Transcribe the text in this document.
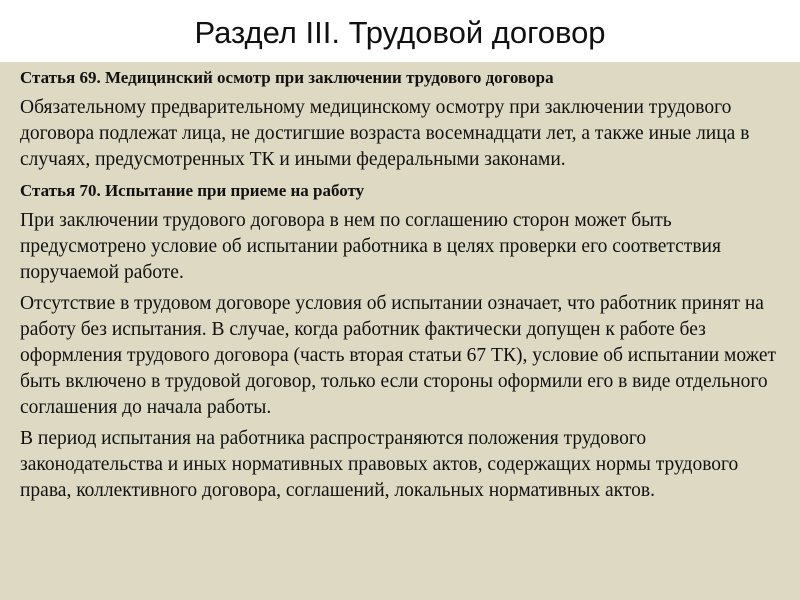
Раздел III. Трудовой договор
Статья 69. Медицинский осмотр при заключении трудового договора

Обязательному предварительному медицинскому осмотру при заключении трудового договора подлежат лица, не достигшие возраста восемнадцати лет, а также иные лица в случаях, предусмотренных ТК и иными федеральными законами.

Статья 70. Испытание при приеме на работу

При заключении трудового договора в нем по соглашению сторон может быть предусмотрено условие об испытании работника в целях проверки его соответствия поручаемой работе.

Отсутствие в трудовом договоре условия об испытании означает, что работник принят на работу без испытания. В случае, когда работник фактически допущен к работе без оформления трудового договора (часть вторая статьи 67 ТК), условие об испытании может быть включено в трудовой договор, только если стороны оформили его в виде отдельного соглашения до начала работы.

В период испытания на работника распространяются положения трудового законодательства и иных нормативных правовых актов, содержащих нормы трудового права, коллективного договора, соглашений, локальных нормативных актов.
